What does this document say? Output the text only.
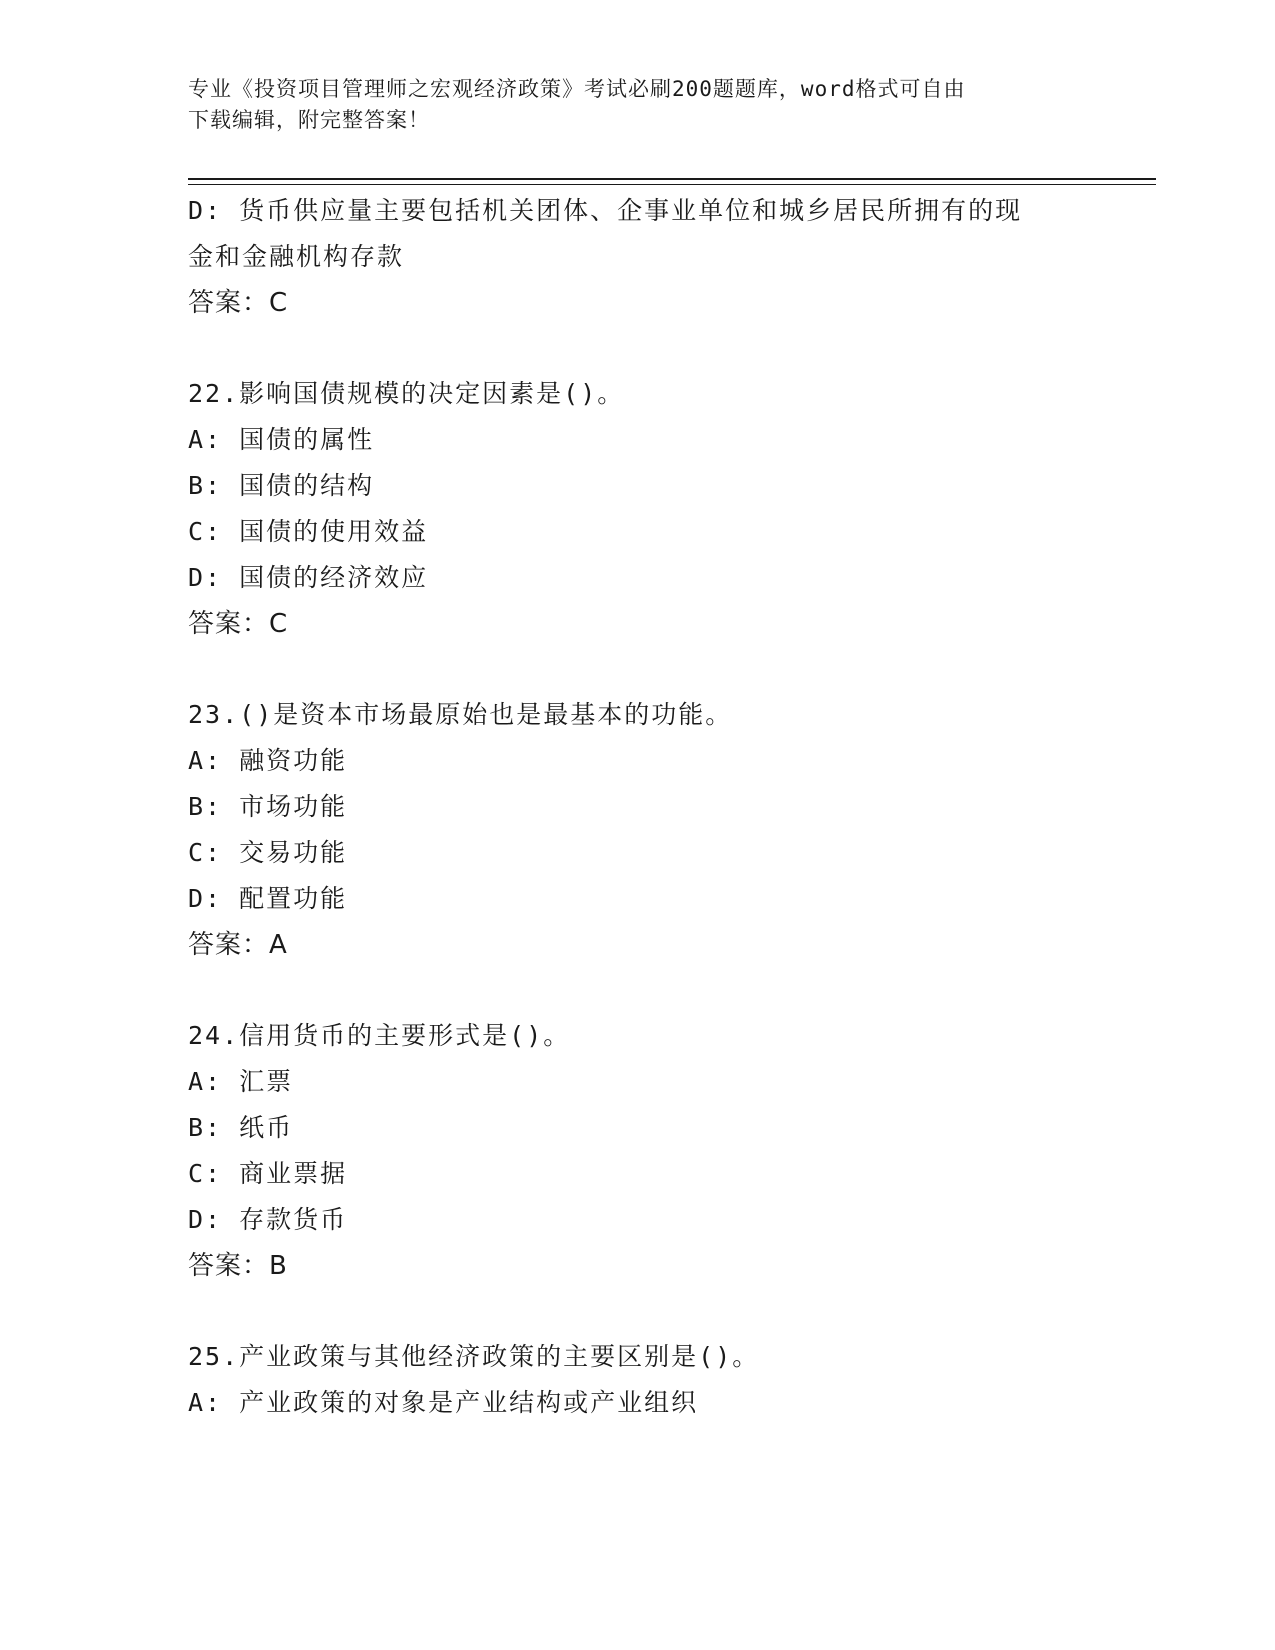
专业《投资项目管理师之宏观经济政策》考试必刷200题题库，word格式可自由
下载编辑，附完整答案！
D: 货币供应量主要包括机关团体、企事业单位和城乡居民所拥有的现
金和金融机构存款
答案：C
22.影响国债规模的决定因素是()。
A: 国债的属性
B: 国债的结构
C: 国债的使用效益
D: 国债的经济效应
答案：C
23.()是资本市场最原始也是最基本的功能。
A: 融资功能
B: 市场功能
C: 交易功能
D: 配置功能
答案：A
24.信用货币的主要形式是()。
A: 汇票
B: 纸币
C: 商业票据
D: 存款货币
答案：B
25.产业政策与其他经济政策的主要区别是()。
A: 产业政策的对象是产业结构或产业组织
